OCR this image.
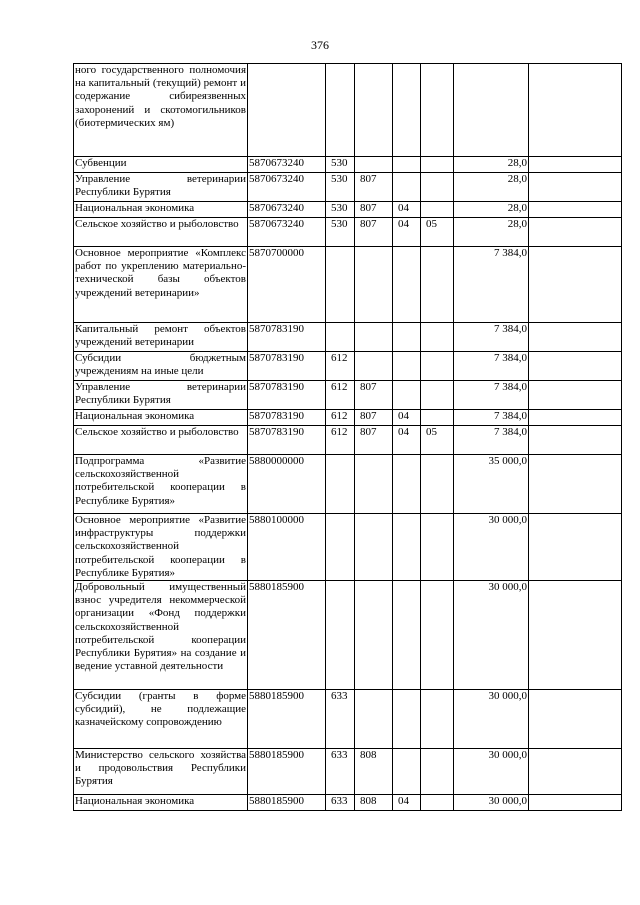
376
ного государственного полномочия на капитальный (текущий) ремонт и содержание сибиреязвенных захоронений и скотомогильников (биотермических ям)							
Субвенции	5870673240	530				28,0	
Управление ветеринарии Республики Бурятия	5870673240	530	807			28,0	
Национальная экономика	5870673240	530	807	04		28,0	
Сельское хозяйство и рыболовство	5870673240	530	807	04	05	28,0	
Основное мероприятие «Комплекс работ по укреплению материально-технической базы объектов учреждений ветеринарии»	5870700000					7 384,0	
Капитальный ремонт объектов учреждений ветеринарии	5870783190					7 384,0	
Субсидии бюджетным учреждениям на иные цели	5870783190	612				7 384,0	
Управление ветеринарии Республики Бурятия	5870783190	612	807			7 384,0	
Национальная экономика	5870783190	612	807	04		7 384,0	
Сельское хозяйство и рыболовство	5870783190	612	807	04	05	7 384,0	
Подпрограмма «Развитие сельскохозяйственной потребительской кооперации в Республике Бурятия»	5880000000					35 000,0	
Основное мероприятие «Развитие инфраструктуры поддержки сельскохозяйственной потребительской кооперации в Республике Бурятия»	5880100000					30 000,0	
Добровольный имущественный взнос учредителя некоммерческой организации «Фонд поддержки сельскохозяйственной потребительской кооперации Республики Бурятия» на создание и ведение уставной деятельности	5880185900					30 000,0	
Субсидии (гранты в форме субсидий), не подлежащие казначейскому сопровождению	5880185900	633				30 000,0	
Министерство сельского хозяйства и продовольствия Республики Бурятия	5880185900	633	808			30 000,0	
Национальная экономика	5880185900	633	808	04		30 000,0	
